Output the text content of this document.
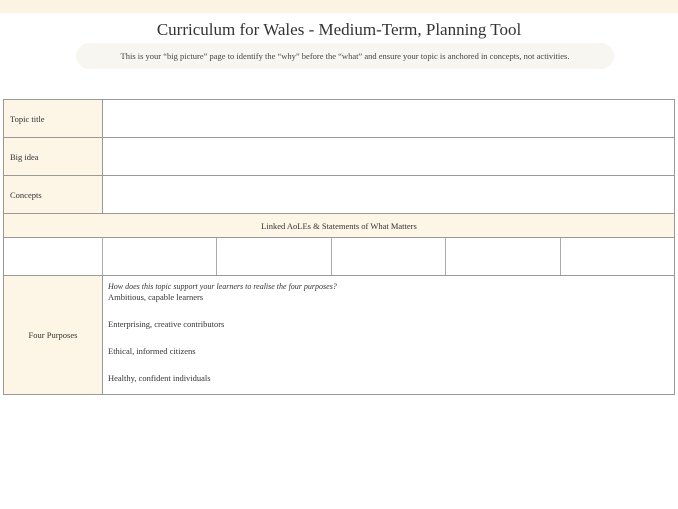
Curriculum for Wales - Medium-Term, Planning Tool
This is your “big picture” page to identify the “why” before the “what” and ensure your topic is anchored in concepts, not activities.
Topic title
Big idea
Concepts
Linked AoLEs & Statements of What Matters
Four Purposes
How does this topic support your learners to realise the four purposes?
Ambitious, capable learners
Enterprising, creative contributors
Ethical, informed citizens
Healthy, confident individuals
